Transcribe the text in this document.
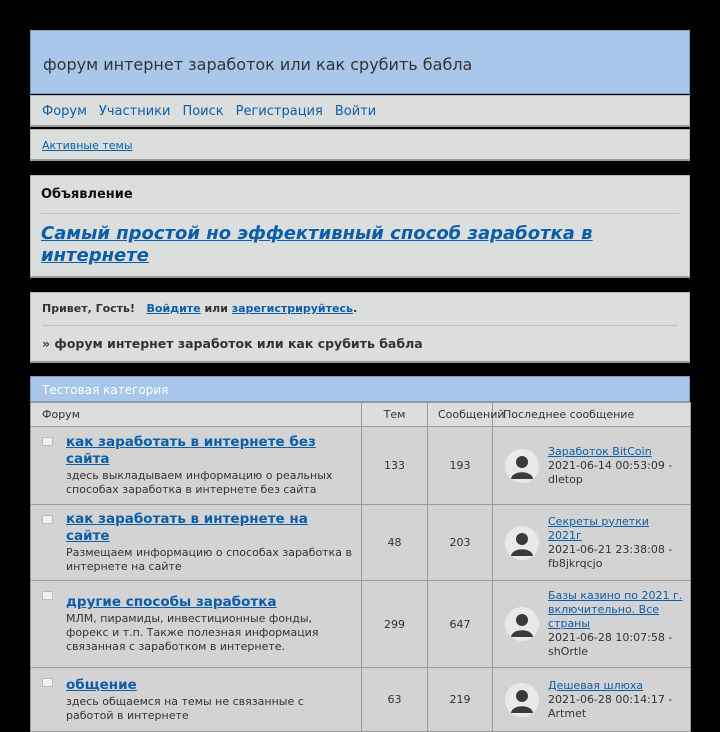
форум интернет заработок или как срубить бабла
Форум Участники Поиск Регистрация Войти
Активные темы
Объявление
Самый простой но эффективный способ заработка в интернете
Привет, Гость! Войдите или зарегистрируйтесь.
» форум интернет заработок или как срубить бабла
Тестовая категория
Форум	Тем	Сообщений	Последнее сообщение

как заработать в интернете без сайта
здесь выкладываем информацию о реальных способах заработка в интернете без сайта	133	193	Заработок BitCoin
2021-06-14 00:53:09 - dletop

как заработать в интернете на сайте
Размещаем информацию о способах заработка в интернете на сайте	48	203	Секреты рулетки 2021г
2021-06-21 23:38:08 - fb8jkrqcjo

другие способы заработка
МЛМ, пирамиды, инвестиционные фонды, форекс и т.п. Также полезная информация связанная с заработком в интернете.	299	647	Базы казино по 2021 г. включительно. Все страны
2021-06-28 10:07:58 - shOrtle

общение
здесь общаемся на темы не связанные с работой в интернете	63	219	Дешевая шлюха
2021-06-28 00:14:17 - Artmet
